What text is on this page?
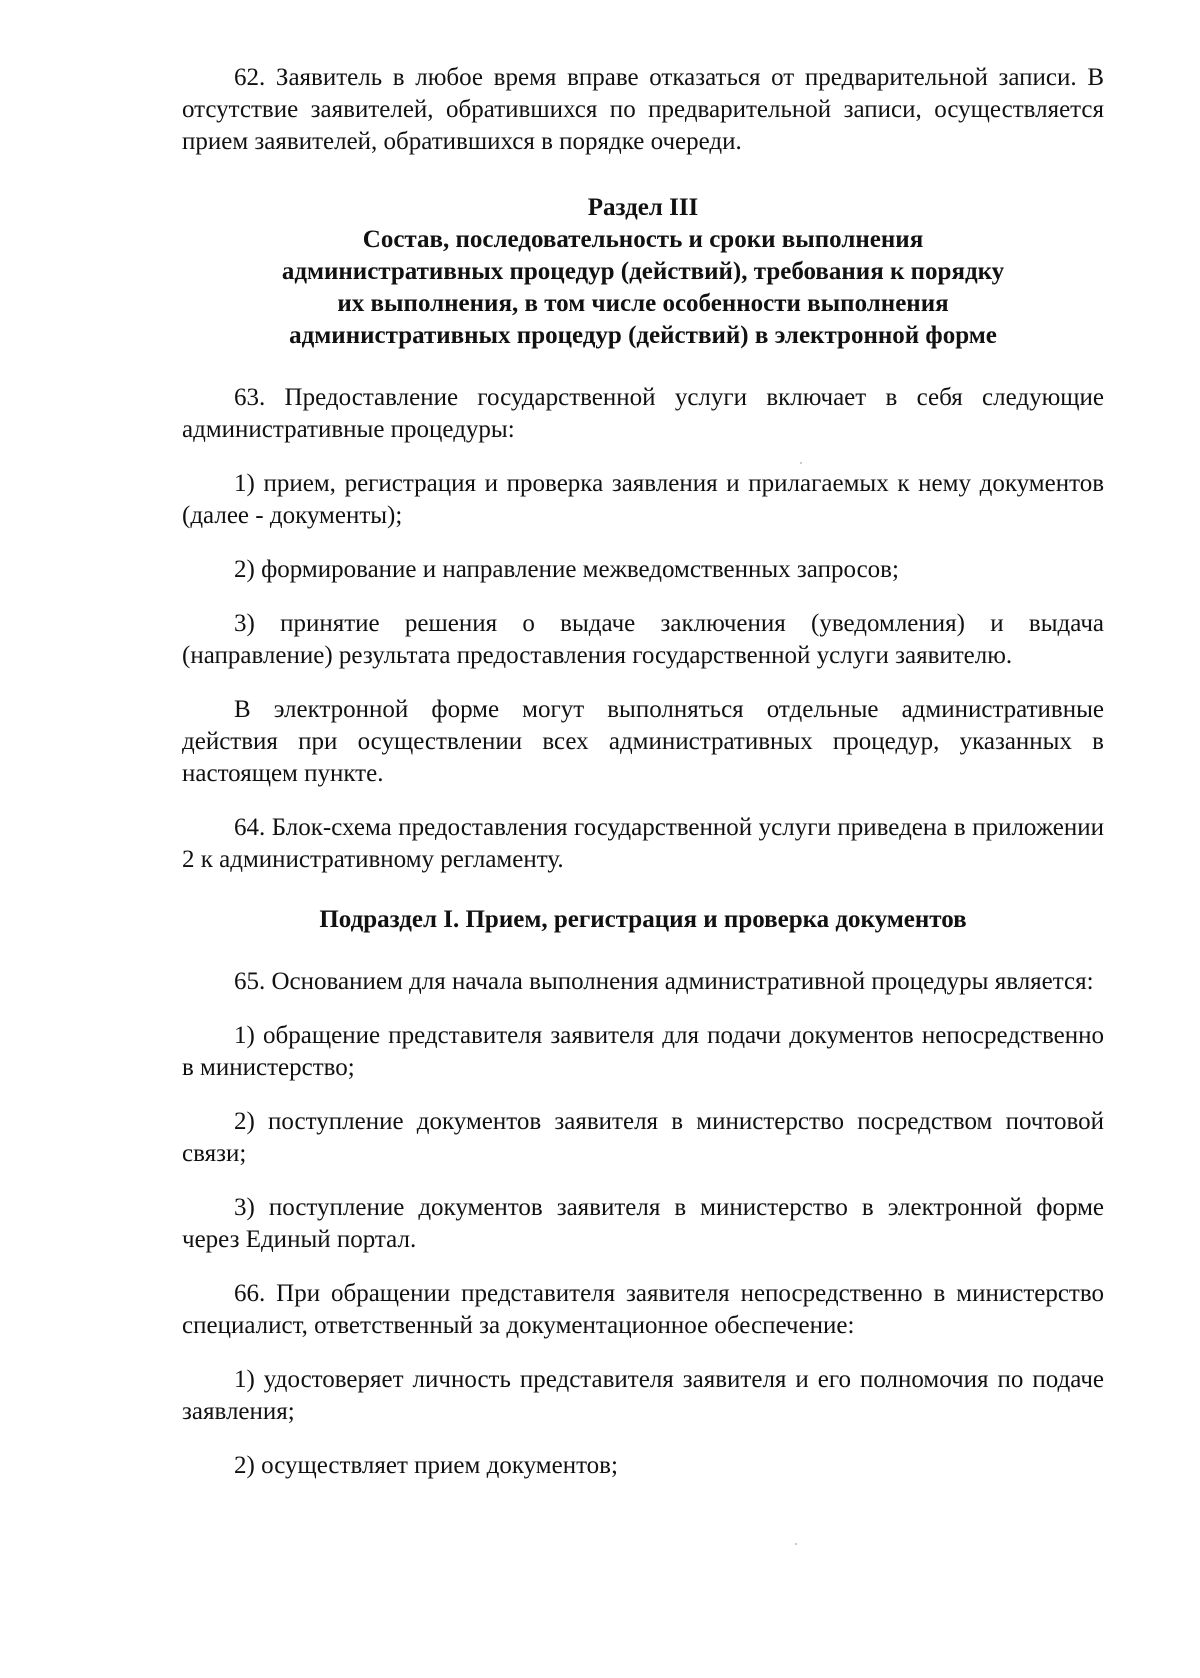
62. Заявитель в любое время вправе отказаться от предварительной записи. В отсутствие заявителей, обратившихся по предварительной записи, осуществляется прием заявителей, обратившихся в порядке очереди.

Раздел III
Состав, последовательность и сроки выполнения
административных процедур (действий), требования к порядку
их выполнения, в том числе особенности выполнения
административных процедур (действий) в электронной форме

63. Предоставление государственной услуги включает в себя следующие административные процедуры:

1) прием, регистрация и проверка заявления и прилагаемых к нему документов (далее - документы);

2) формирование и направление межведомственных запросов;

3) принятие решения о выдаче заключения (уведомления) и выдача (направление) результата предоставления государственной услуги заявителю.

В электронной форме могут выполняться отдельные административные действия при осуществлении всех административных процедур, указанных в настоящем пункте.

64. Блок-схема предоставления государственной услуги приведена в приложении 2 к административному регламенту.

Подраздел I. Прием, регистрация и проверка документов

65. Основанием для начала выполнения административной процедуры является:

1) обращение представителя заявителя для подачи документов непосредственно в министерство;

2) поступление документов заявителя в министерство посредством почтовой связи;

3) поступление документов заявителя в министерство в электронной форме через Единый портал.

66. При обращении представителя заявителя непосредственно в министерство специалист, ответственный за документационное обеспечение:

1) удостоверяет личность представителя заявителя и его полномочия по подаче заявления;

2) осуществляет прием документов;
